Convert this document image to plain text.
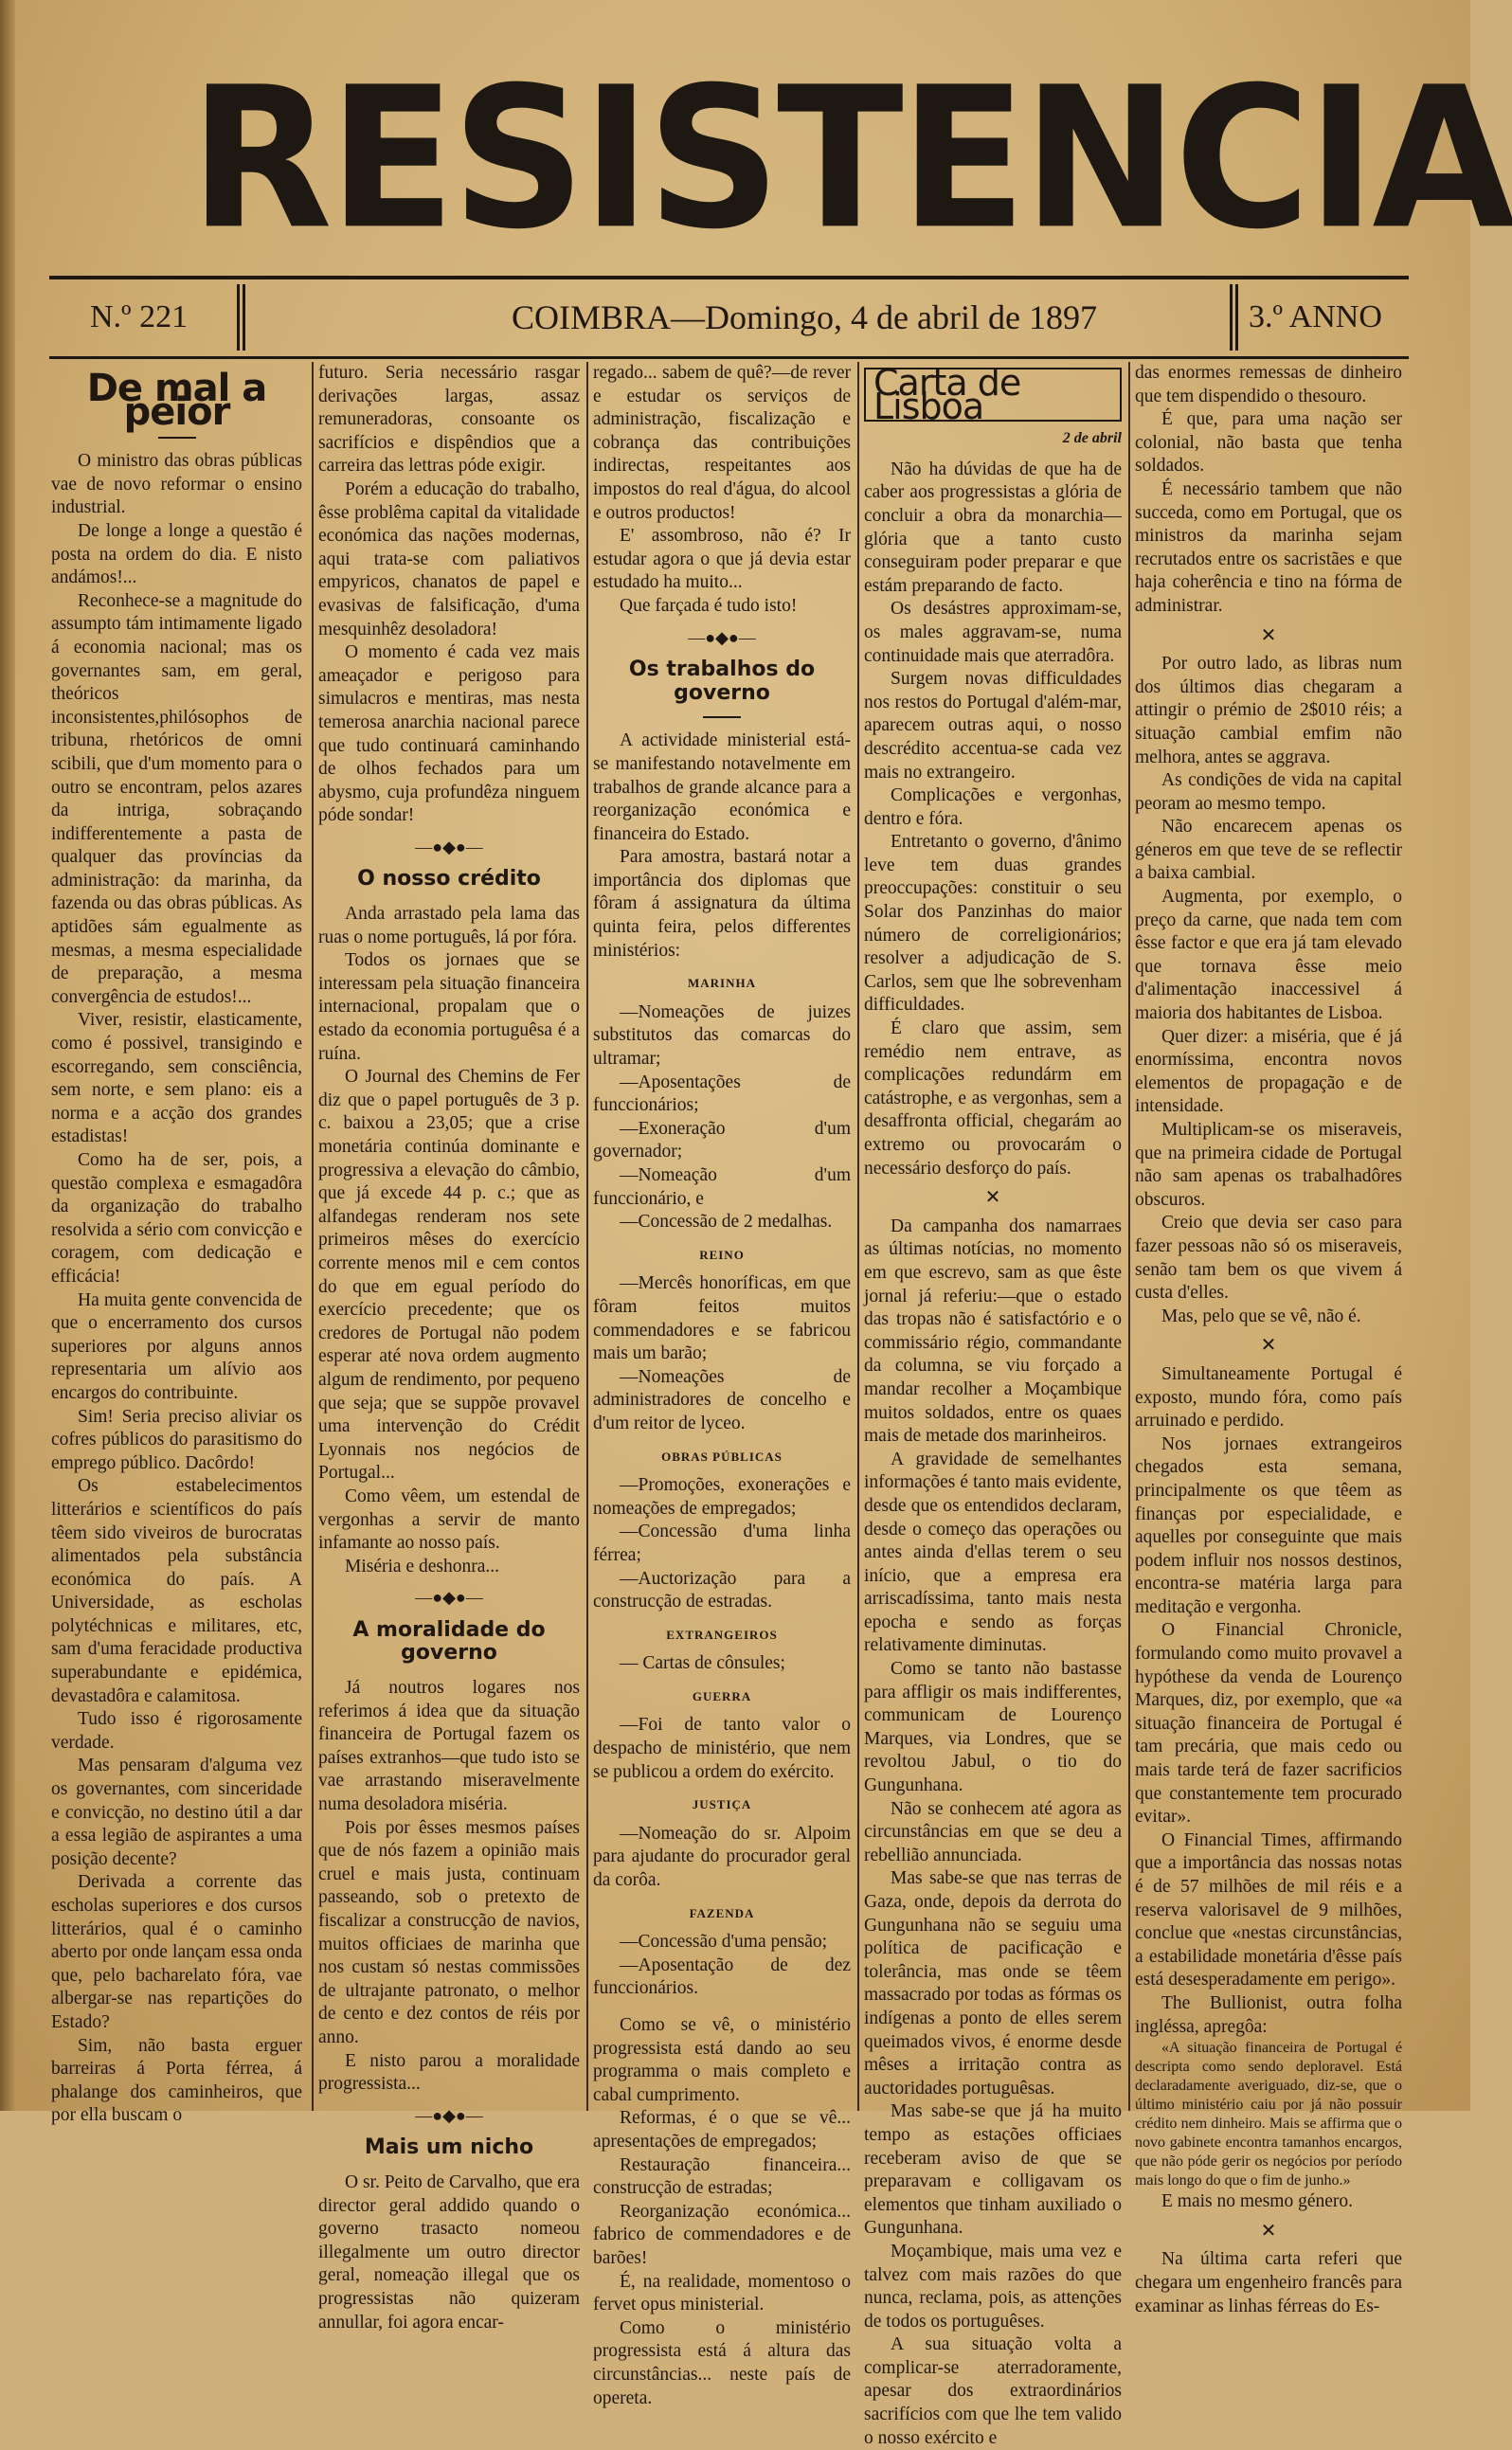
RESISTENCIA
N.º 221	COIMBRA—Domingo, 4 de abril de 1897	3.º ANNO
De mal a peior

O ministro das obras públicas vae de novo reformar o ensino industrial.

De longe a longe a questão é posta na ordem do dia. E nisto andámos!...

Reconhece-se a magnitude do assumpto tám intimamente ligado á economia nacional; mas os governantes sam, em geral, theóricos inconsistentes,philósophos de tribuna, rhetóricos de omni scibili, que d'um momento para o outro se encontram, pelos azares da intriga, sobraçando indifferentemente a pasta de qualquer das províncias da administração: da marinha, da fazenda ou das obras públicas. As aptidões sám egualmente as mesmas, a mesma especialidade de preparação, a mesma convergência de estudos!...

Viver, resistir, elasticamente, como é possivel, transigindo e escorregando, sem consciência, sem norte, e sem plano: eis a norma e a acção dos grandes estadistas!

Como ha de ser, pois, a questão complexa e esmagadôra da organização do trabalho resolvida a sério com convicção e coragem, com dedicação e efficácia!

Ha muita gente convencida de que o encerramento dos cursos superiores por alguns annos representaria um alívio aos encargos do contribuinte.

Sim! Seria preciso aliviar os cofres públicos do parasitismo do emprego público. Dacôrdo!

Os estabelecimentos litterários e scientíficos do país têem sido viveiros de burocratas alimentados pela substância económica do país. A Universidade, as escholas polytéchnicas e militares, etc, sam d'uma feracidade productiva superabundante e epidémica, devastadôra e calamitosa.

Tudo isso é rigorosamente verdade.

Mas pensaram d'alguma vez os governantes, com sinceridade e convicção, no destino útil a dar a essa legião de aspirantes a uma posição decente?

Derivada a corrente das escholas superiores e dos cursos litterários, qual é o caminho aberto por onde lançam essa onda que, pelo bacharelato fóra, vae albergar-se nas repartições do Estado?

Sim, não basta erguer barreiras á Porta férrea, á phalange dos caminheiros, que por ella buscam o

futuro. Seria necessário rasgar derivações largas, assaz remuneradoras, consoante os sacrifícios e dispêndios que a carreira das lettras póde exigir.

Porém a educação do trabalho, êsse problêma capital da vitalidade económica das nações modernas, aqui trata-se com paliativos empyricos, chanatos de papel e evasivas de falsificação, d'uma mesquinhêz desoladora!

O momento é cada vez mais ameaçador e perigoso para simulacros e mentiras, mas nesta temerosa anarchia nacional parece que tudo continuará caminhando de olhos fechados para um abysmo, cuja profundêza ninguem póde sondar!

—●◆●—
O nosso crédito

Anda arrastado pela lama das ruas o nome português, lá por fóra.

Todos os jornaes que se interessam pela situação financeira internacional, propalam que o estado da economia portuguêsa é a ruína.

O Journal des Chemins de Fer diz que o papel português de 3 p. c. baixou a 23,05; que a crise monetária continúa dominante e progressiva a elevação do câmbio, que já excede 44 p. c.; que as alfandegas renderam nos sete primeiros mêses do exercício corrente menos mil e cem contos do que em egual período do exercício precedente; que os credores de Portugal não podem esperar até nova ordem augmento algum de rendimento, por pequeno que seja; que se suppõe provavel uma intervenção do Crédit Lyonnais nos negócios de Portugal...

Como vêem, um estendal de vergonhas a servir de manto infamante ao nosso país.

Miséria e deshonra...

—●◆●—
A moralidade do governo

Já noutros logares nos referimos á idea que da situação financeira de Portugal fazem os países extranhos—que tudo isto se vae arrastando miseravelmente numa desoladora miséria.

Pois por êsses mesmos países que de nós fazem a opinião mais cruel e mais justa, continuam passeando, sob o pretexto de fiscalizar a construcção de navios, muitos officiaes de marinha que nos custam só nestas commissões de ultrajante patronato, o melhor de cento e dez contos de réis por anno.

E nisto parou a moralidade progressista...

—●◆●—
Mais um nicho

O sr. Peito de Carvalho, que era director geral addido quando o governo trasacto nomeou illegalmente um outro director geral, nomeação illegal que os progressistas não quizeram annullar, foi agora encar-

regado... sabem de quê?—de rever e estudar os serviços de administração, fiscalização e cobrança das contribuições indirectas, respeitantes aos impostos do real d'água, do alcool e outros productos!

E' assombroso, não é? Ir estudar agora o que já devia estar estudado ha muito...

Que farçada é tudo isto!

—●◆●—
Os trabalhos do governo

A actividade ministerial está-se manifestando notavelmente em trabalhos de grande alcance para a reorganização económica e financeira do Estado.

Para amostra, bastará notar a importância dos diplomas que fôram á assignatura da última quinta feira, pelos differentes ministérios:

MARINHA

—Nomeações de juizes substitutos das comarcas do ultramar;

—Aposentações de funccionários;

—Exoneração d'um governador;

—Nomeação d'um funccionário, e

—Concessão de 2 medalhas.

REINO

—Mercês honoríficas, em que fôram feitos muitos commendadores e se fabricou mais um barão;

—Nomeações de administradores de concelho e d'um reitor de lyceo.

OBRAS PÚBLICAS

—Promoções, exonerações e nomeações de empregados;

—Concessão d'uma linha férrea;

—Auctorização para a construcção de estradas.

EXTRANGEIROS

— Cartas de cônsules;

GUERRA

—Foi de tanto valor o despacho de ministério, que nem se publicou a ordem do exército.

JUSTIÇA

—Nomeação do sr. Alpoim para ajudante do procurador geral da corôa.

FAZENDA

—Concessão d'uma pensão;

—Aposentação de dez funccionários.

Como se vê, o ministério progressista está dando ao seu programma o mais completo e cabal cumprimento.

Reformas, é o que se vê... apresentações de empregados;

Restauração financeira... construcção de estradas;

Reorganização económica... fabrico de commendadores e de barões!

É, na realidade, momentoso o fervet opus ministerial.

Como o ministério progressista está á altura das circunstâncias... neste país de opereta.

Carta de Lisboa
2 de abril

Não ha dúvidas de que ha de caber aos progressistas a glória de concluir a obra da monarchia—glória que a tanto custo conseguiram poder preparar e que estám preparando de facto.

Os desástres approximam-se, os males aggravam-se, numa continuidade mais que aterradôra.

Surgem novas difficuldades nos restos do Portugal d'além-mar, aparecem outras aqui, o nosso descrédito accentua-se cada vez mais no extrangeiro.

Complicações e vergonhas, dentro e fóra.

Entretanto o governo, d'ânimo leve tem duas grandes preoccupações: constituir o seu Solar dos Panzinhas do maior número de correligionários; resolver a adjudicação de S. Carlos, sem que lhe sobrevenham difficuldades.

É claro que assim, sem remédio nem entrave, as complicações redundárm em catástrophe, e as vergonhas, sem a desaffronta official, chegarám ao extremo ou provocarám o necessário desforço do país.

✕

Da campanha dos namarraes as últimas notícias, no momento em que escrevo, sam as que êste jornal já referiu:—que o estado das tropas não é satisfactório e o commissário régio, commandante da columna, se viu forçado a mandar recolher a Moçambique muitos soldados, entre os quaes mais de metade dos marinheiros.

A gravidade de semelhantes informações é tanto mais evidente, desde que os entendidos declaram, desde o começo das operações ou antes ainda d'ellas terem o seu início, que a empresa era arriscadíssima, tanto mais nesta epocha e sendo as forças relativamente diminutas.

Como se tanto não bastasse para affligir os mais indifferentes, communicam de Lourenço Marques, via Londres, que se revoltou Jabul, o tio do Gungunhana.

Não se conhecem até agora as circunstâncias em que se deu a rebellião annunciada.

Mas sabe-se que nas terras de Gaza, onde, depois da derrota do Gungunhana não se seguiu uma política de pacificação e tolerância, mas onde se têem massacrado por todas as fórmas os indígenas a ponto de elles serem queimados vivos, é enorme desde mêses a irritação contra as auctoridades portuguêsas.

Mas sabe-se que já ha muito tempo as estações officiaes receberam aviso de que se preparavam e colligavam os elementos que tinham auxiliado o Gungunhana.

Moçambique, mais uma vez e talvez com mais razões do que nunca, reclama, pois, as attenções de todos os portuguêses.

A sua situação volta a complicar-se aterradoramente, apesar dos extraordinários sacrifícios com que lhe tem valido o nosso exército e

das enormes remessas de dinheiro que tem dispendido o thesouro.

É que, para uma nação ser colonial, não basta que tenha soldados.

É necessário tambem que não succeda, como em Portugal, que os ministros da marinha sejam recrutados entre os sacristães e que haja coherência e tino na fórma de administrar.

✕

Por outro lado, as libras num dos últimos dias chegaram a attingir o prémio de 2$010 réis; a situação cambial emfim não melhora, antes se aggrava.

As condições de vida na capital peoram ao mesmo tempo.

Não encarecem apenas os géneros em que teve de se reflectir a baixa cambial.

Augmenta, por exemplo, o preço da carne, que nada tem com êsse factor e que era já tam elevado que tornava êsse meio d'alimentação inaccessivel á maioria dos habitantes de Lisboa.

Quer dizer: a miséria, que é já enormíssima, encontra novos elementos de propagação e de intensidade.

Multiplicam-se os miseraveis, que na primeira cidade de Portugal não sam apenas os trabalhadôres obscuros.

Creio que devia ser caso para fazer pessoas não só os miseraveis, senão tam bem os que vivem á custa d'elles.

Mas, pelo que se vê, não é.

✕

Simultaneamente Portugal é exposto, mundo fóra, como país arruinado e perdido.

Nos jornaes extrangeiros chegados esta semana, principalmente os que têem as finanças por especialidade, e aquelles por conseguinte que mais podem influir nos nossos destinos, encontra-se matéria larga para meditação e vergonha.

O Financial Chronicle, formulando como muito provavel a hypóthese da venda de Lourenço Marques, diz, por exemplo, que «a situação financeira de Portugal é tam precária, que mais cedo ou mais tarde terá de fazer sacrificios que constantemente tem procurado evitar».

O Financial Times, affirmando que a importância das nossas notas é de 57 milhões de mil réis e a reserva valorisavel de 9 milhões, conclue que «nestas circunstâncias, a estabilidade monetária d'êsse país está desesperadamente em perigo».

The Bullionist, outra folha ingléssa, apregôa:

«A situação financeira de Portugal é descripta como sendo deploravel. Está declaradamente averiguado, diz-se, que o último ministério caiu por já não possuir crédito nem dinheiro. Mais se affirma que o novo gabinete encontra tamanhos encargos, que não póde gerir os negócios por período mais longo do que o fim de junho.»

E mais no mesmo género.

✕

Na última carta referi que chegara um engenheiro francês para examinar as linhas férreas do Es-
